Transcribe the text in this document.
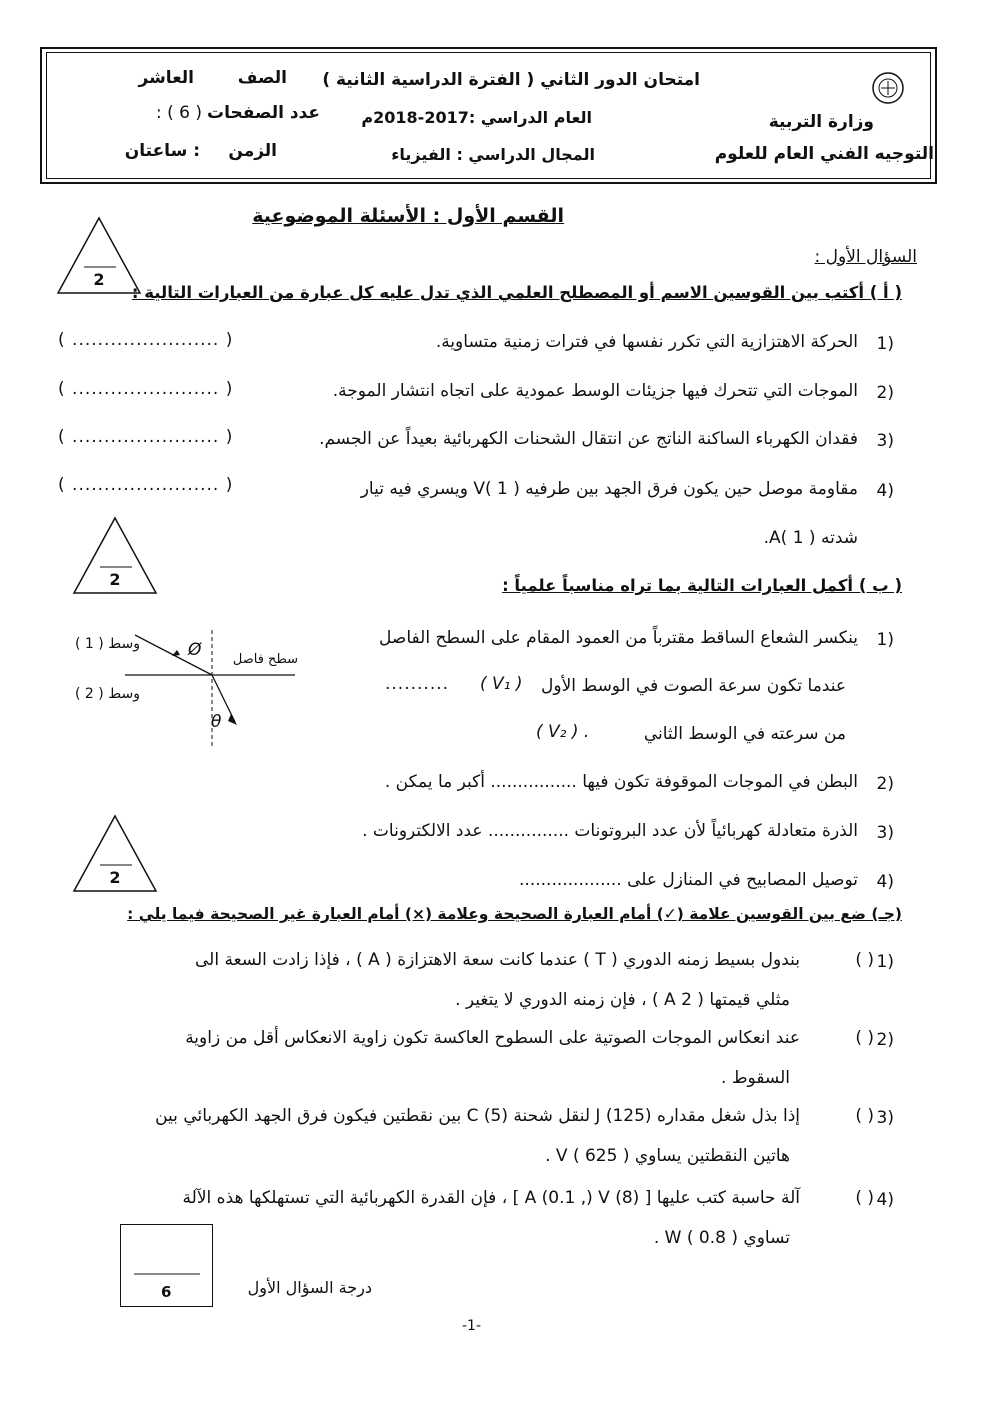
وزارة التربية
التوجيه الفني العام للعلوم
امتحان الدور الثاني ( الفترة الدراسية الثانية )
العام الدراسي :2017-2018م
المجال الدراسي : الفيزياء
الصف
العاشر
عدد الصفحات
: ( 6 )
الزمن
: ساعتان
القسم الأول : الأسئلة الموضوعية
2
السؤال الأول :
( أ ) أكتب بين القوسين الاسم أو المصطلح العلمي الذي تدل عليه كل عبارة من العبارات التالية :
1)
الحركة الاهتزازية التي تكرر نفسها في فترات زمنية متساوية.
( ....................... )
2)
الموجات التي تتحرك فيها جزيئات الوسط عمودية على اتجاه انتشار الموجة.
( ....................... )
3)
فقدان الكهرباء الساكنة الناتج عن انتقال الشحنات الكهربائية بعيداً عن الجسم.
( ....................... )
4)
مقاومة موصل حين يكون فرق الجهد بين طرفيه V( 1 ) ويسري فيه تيار
( ....................... )
شدته A( 1 ).
2	( ب ) أكمل العبارات التالية بما تراه مناسباً علمياً :
1)
ينكسر الشعاع الساقط مقترباً من العمود المقام على السطح الفاصل
عندما تكون سرعة الصوت في الوسط الأول
( V₁ )
..........
من سرعته في الوسط الثاني
( V₂ ) .
Ø
θ
سطح فاصل
وسط ( 1 )
وسط ( 2 )
2)
البطن في الموجات الموقوفة تكون فيها ................ أكبر ما يمكن .
3)
الذرة متعادلة كهربائياً لأن عدد البروتونات ............... عدد الالكترونات .
2	4)
توصيل المصابيح في المنازل على ...................
(جـ) ضع بين القوسين علامة (✓) أمام العبارة الصحيحة وعلامة (×) أمام العبارة غير الصحيحة فيما يلي :
1)
( )
بندول بسيط زمنه الدوري ( T ) عندما كانت سعة الاهتزازة ( A ) ، فإذا زادت السعة الى
مثلي قيمتها ( A 2 ) ، فإن زمنه الدوري لا يتغير .
2)
( )
عند انعكاس الموجات الصوتية على السطوح العاكسة تكون زاوية الانعكاس أقل من زاوية
السقوط .
3)
( )
إذا بذل شغل مقداره J (125) لنقل شحنة C (5) بين نقطتين فيكون فرق الجهد الكهربائي بين
هاتين النقطتين يساوي V ( 625 ) .
4)
( )
آلة حاسبة كتب عليها [ A (0.1 ,) V (8) ] ، فإن القدرة الكهربائية التي تستهلكها هذه الآلة
تساوي W ( 0.8 ) .
6	درجة السؤال الأول
-1-
